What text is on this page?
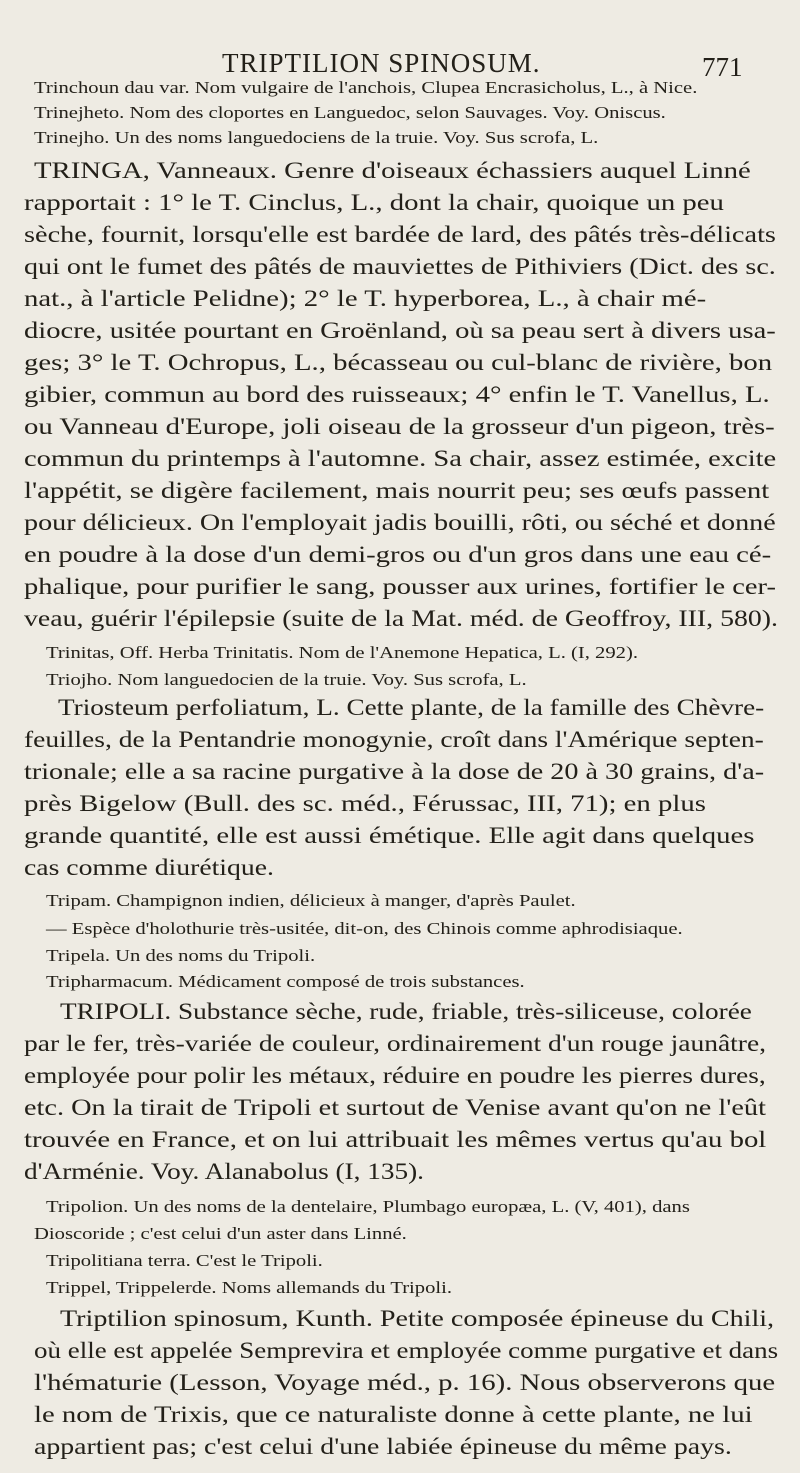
TRIPTILION SPINOSUM.	771
Trinchoun dau var. Nom vulgaire de l'anchois, Clupea Encrasicholus, L., à Nice.
Trinejheto. Nom des cloportes en Languedoc, selon Sauvages. Voy. Oniscus.
Trinejho. Un des noms languedociens de la truie. Voy. Sus scrofa, L.
TRINGA, Vanneaux. Genre d'oiseaux échassiers auquel Linné
rapportait : 1° le T. Cinclus, L., dont la chair, quoique un peu
sèche, fournit, lorsqu'elle est bardée de lard, des pâtés très-délicats
qui ont le fumet des pâtés de mauviettes de Pithiviers (Dict. des sc.
nat., à l'article Pelidne); 2° le T. hyperborea, L., à chair mé-
diocre, usitée pourtant en Groënland, où sa peau sert à divers usa-
ges; 3° le T. Ochropus, L., bécasseau ou cul-blanc de rivière, bon
gibier, commun au bord des ruisseaux; 4° enfin le T. Vanellus, L.
ou Vanneau d'Europe, joli oiseau de la grosseur d'un pigeon, très-
commun du printemps à l'automne. Sa chair, assez estimée, excite
l'appétit, se digère facilement, mais nourrit peu; ses œufs passent
pour délicieux. On l'employait jadis bouilli, rôti, ou séché et donné
en poudre à la dose d'un demi-gros ou d'un gros dans une eau cé-
phalique, pour purifier le sang, pousser aux urines, fortifier le cer-
veau, guérir l'épilepsie (suite de la Mat. méd. de Geoffroy, III, 580).
Trinitas, Off. Herba Trinitatis. Nom de l'Anemone Hepatica, L. (I, 292).
Triojho. Nom languedocien de la truie. Voy. Sus scrofa, L.
Triosteum perfoliatum, L. Cette plante, de la famille des Chèvre-
feuilles, de la Pentandrie monogynie, croît dans l'Amérique septen-
trionale; elle a sa racine purgative à la dose de 20 à 30 grains, d'a-
près Bigelow (Bull. des sc. méd., Férussac, III, 71); en plus
grande quantité, elle est aussi émétique. Elle agit dans quelques
cas comme diurétique.
Tripam. Champignon indien, délicieux à manger, d'après Paulet.
— Espèce d'holothurie très-usitée, dit-on, des Chinois comme aphrodisiaque.
Tripela. Un des noms du Tripoli.
Tripharmacum. Médicament composé de trois substances.
TRIPOLI. Substance sèche, rude, friable, très-siliceuse, colorée
par le fer, très-variée de couleur, ordinairement d'un rouge jaunâtre,
employée pour polir les métaux, réduire en poudre les pierres dures,
etc. On la tirait de Tripoli et surtout de Venise avant qu'on ne l'eût
trouvée en France, et on lui attribuait les mêmes vertus qu'au bol
d'Arménie. Voy. Alanabolus (I, 135).
Tripolion. Un des noms de la dentelaire, Plumbago europæa, L. (V, 401), dans
Dioscoride ; c'est celui d'un aster dans Linné.
Tripolitiana terra. C'est le Tripoli.
Trippel, Trippelerde. Noms allemands du Tripoli.
Triptilion spinosum, Kunth. Petite composée épineuse du Chili,
où elle est appelée Semprevira et employée comme purgative et dans
l'hématurie (Lesson, Voyage méd., p. 16). Nous observerons que
le nom de Trixis, que ce naturaliste donne à cette plante, ne lui
appartient pas; c'est celui d'une labiée épineuse du même pays.
